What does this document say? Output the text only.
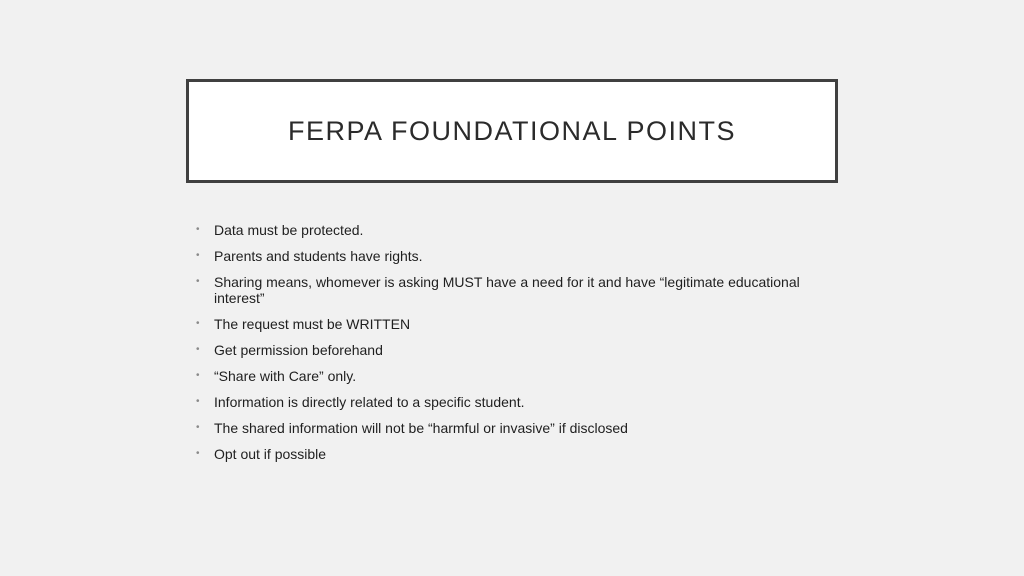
FERPA FOUNDATIONAL POINTS
• Data must be protected.
• Parents and students have rights.
• Sharing means, whomever is asking MUST have a need for it and have “legitimate educational interest”
• The request must be WRITTEN
• Get permission beforehand
• “Share with Care” only.
• Information is directly related to a specific student.
• The shared information will not be “harmful or invasive” if disclosed
• Opt out if possible
